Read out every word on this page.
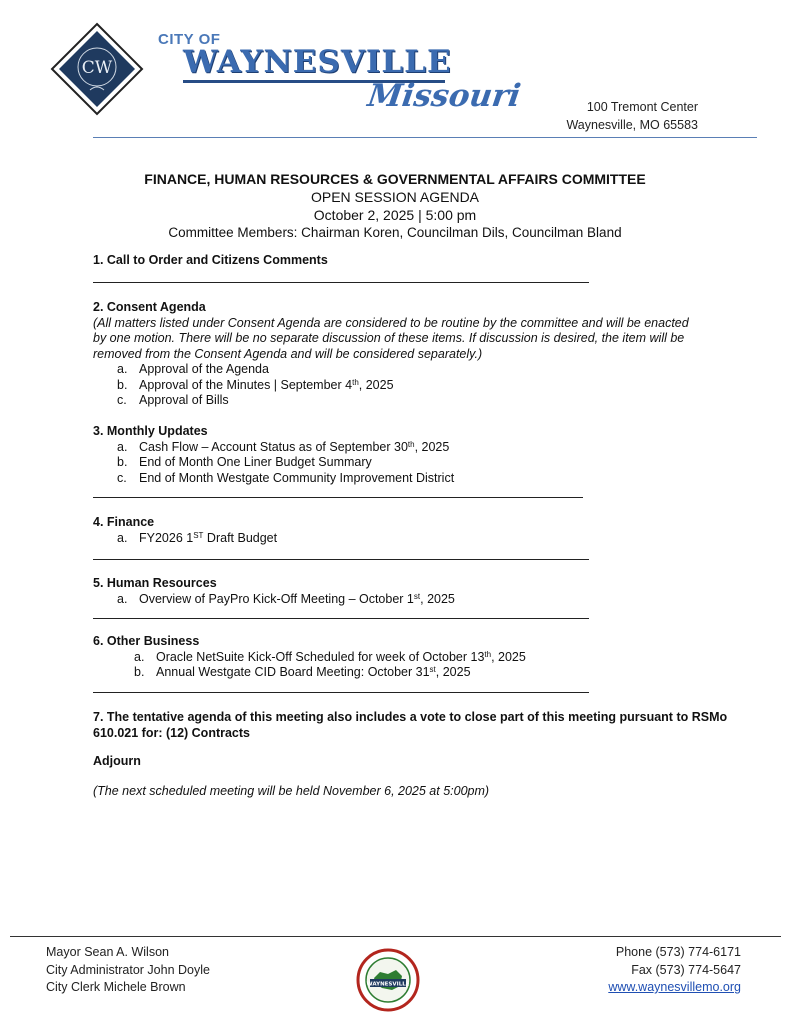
CW
CITY OF
WAYNESVILLE
Missouri	100 Tremont Center
Waynesville, MO 65583
FINANCE, HUMAN RESOURCES & GOVERNMENTAL AFFAIRS COMMITTEE
OPEN SESSION AGENDA
October 2, 2025 | 5:00 pm
Committee Members: Chairman Koren, Councilman Dils, Councilman Bland
1. Call to Order and Citizens Comments
2. Consent Agenda
(All matters listed under Consent Agenda are considered to be routine by the committee and will be enacted by one motion. There will be no separate discussion of these items. If discussion is desired, the item will be removed from the Consent Agenda and will be considered separately.)
a. Approval of the Agenda
b. Approval of the Minutes | September 4th, 2025
c. Approval of Bills
3. Monthly Updates
a. Cash Flow – Account Status as of September 30th, 2025
b. End of Month One Liner Budget Summary
c. End of Month Westgate Community Improvement District
4. Finance
a. FY2026 1ST Draft Budget
5. Human Resources
a. Overview of PayPro Kick-Off Meeting – October 1st, 2025
6. Other Business
a. Oracle NetSuite Kick-Off Scheduled for week of October 13th, 2025
b. Annual Westgate CID Board Meeting: October 31st, 2025
7. The tentative agenda of this meeting also includes a vote to close part of this meeting pursuant to RSMo 610.021 for: (12) Contracts
Adjourn
(The next scheduled meeting will be held November 6, 2025 at 5:00pm)
Mayor Sean A. Wilson
City Administrator John Doyle
City Clerk Michele Brown	WAYNESVILLE
Phone (573) 774-6171
Fax (573) 774-5647
www.waynesvillemo.org
